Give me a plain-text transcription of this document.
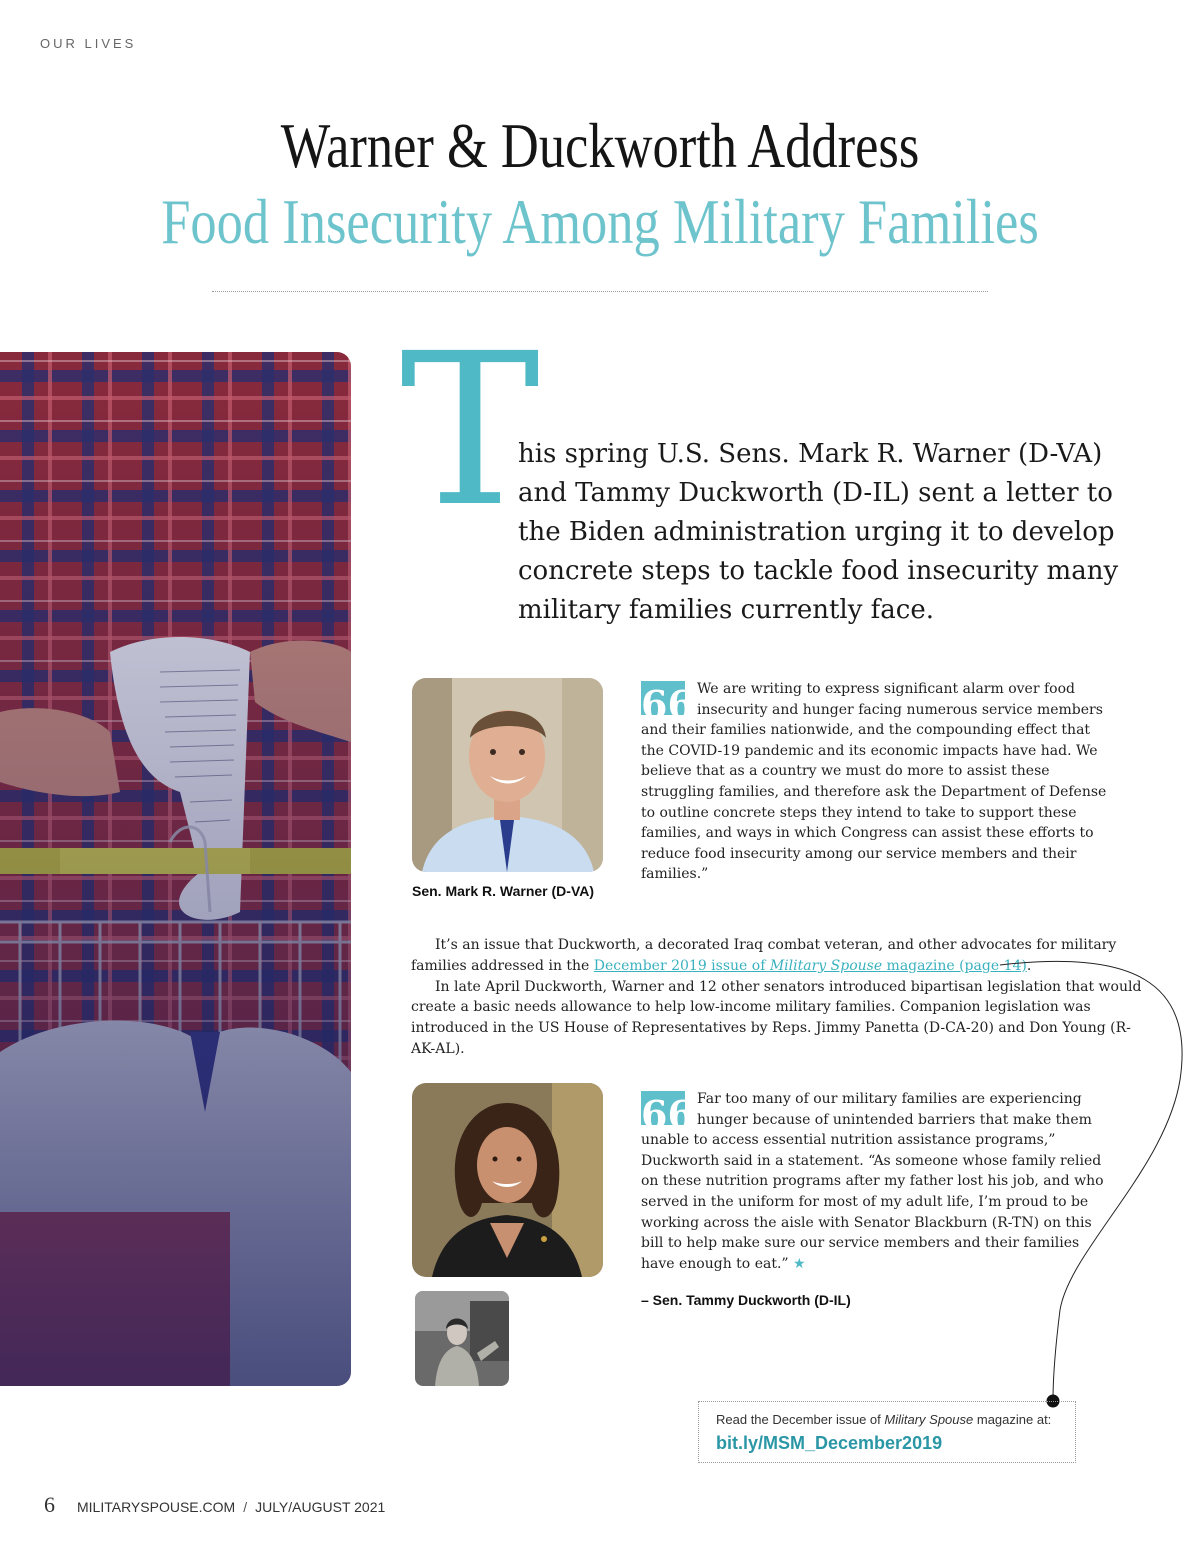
OUR LIVES
Warner & Duckworth Address
Food Insecurity Among Military Families
T
his spring U.S. Sens. Mark R. Warner (D-VA) and Tammy Duckworth (D-IL) sent a letter to the Biden administration urging it to develop concrete steps to tackle food insecurity many military families currently face.
Sen. Mark R. Warner (D-VA)
66 We are writing to express significant alarm over food insecurity and hunger facing numerous service members and their families nationwide, and the compounding effect that the COVID-19 pandemic and its economic impacts have had. We believe that as a country we must do more to assist these struggling families, and therefore ask the Department of Defense to outline concrete steps they intend to take to support these families, and ways in which Congress can assist these efforts to reduce food insecurity among our service members and their families.”

It’s an issue that Duckworth, a decorated Iraq combat veteran, and other advocates for military families addressed in the December 2019 issue of Military Spouse magazine (page 14).

In late April Duckworth, Warner and 12 other senators introduced bipartisan legislation that would create a basic needs allowance to help low-income military families. Companion legislation was introduced in the US House of Representatives by Reps. Jimmy Panetta (D-CA-20) and Don Young (R-AK-AL).

66 Far too many of our military families are experiencing hunger because of unintended barriers that make them unable to access essential nutrition assistance programs,” Duckworth said in a statement. “As someone whose family relied on these nutrition programs after my father lost his job, and who served in the uniform for most of my adult life, I’m proud to be working across the aisle with Senator Blackburn (R-TN) on this bill to help make sure our service members and their families have enough to eat.” ★
– Sen. Tammy Duckworth (D-IL)
Read the December issue of Military Spouse magazine at:
bit.ly/MSM_December2019
6 MILITARYSPOUSE.COM / JULY/AUGUST 2021
